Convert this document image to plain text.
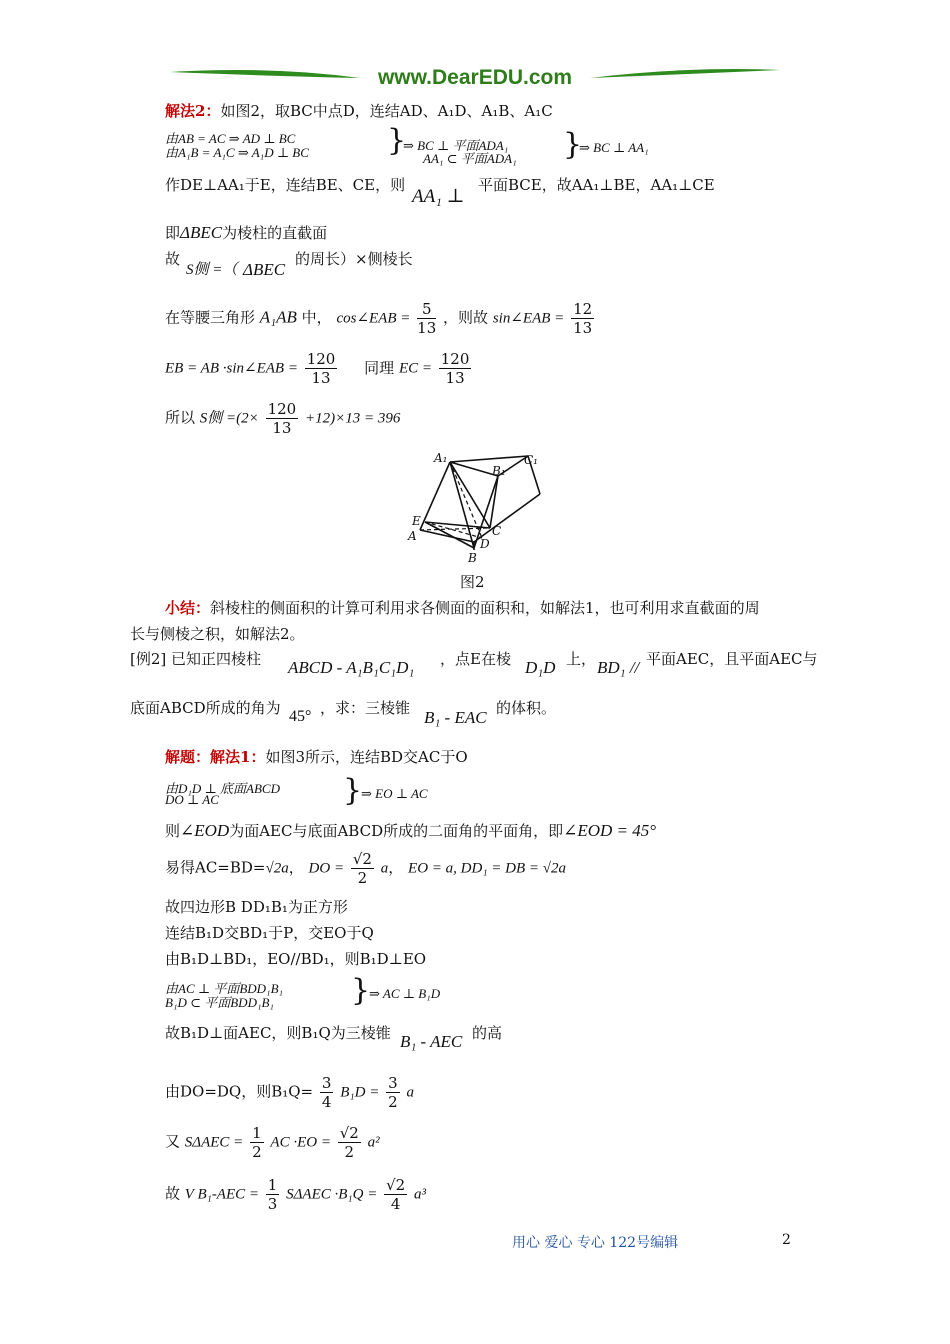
www.DearEDU.com
解法2：如图2，取BC中点D，连结AD、A₁D、A₁B、A₁C
由AB = AC ⇒ AD ⊥ BC
由A₁B = A₁C ⇒ A₁D ⊥ BC	}
⇒ BC ⊥ 平面ADA₁
AA₁ ⊂ 平面ADA₁ }
⇒ BC ⊥ AA₁
作DE⊥AA₁于E，连结BE、CE，则
AA₁ ⊥
平面BCE，故AA₁⊥BE，AA₁⊥CE
即ΔBEC为棱柱的直截面
故
S侧 =（ ΔBEC
的周长）×侧棱长
在等腰三角形 A₁AB 中， cos∠EAB = $\frac{5}{13}$ ，则故 sin∠EAB = $\frac{12}{13}$
EB = AB ·sin∠EAB = $\frac{120}{13}$ 同理 EC = $\frac{120}{13}$
所以 S侧 $=(2\times \frac{120}{13} +12)\times 13 = 396$
A₁
B₁
C₁
E
A	C
D
B
图2
小结：斜棱柱的侧面积的计算可利用求各侧面的面积和，如解法1，也可利用求直截面的周
长与侧棱之积，如解法2。
[例2] 已知正四棱柱 ABCD - A₁B₁C₁D₁ ，点E在棱 D₁D 上， BD₁ // 平面AEC，且平面AEC与
底面ABCD所成的角为 45° ，求：三棱锥 B₁ - EAC 的体积。
解题：解法1：如图3所示，连结BD交AC于O
由D₁D ⊥ 底面ABCD
DO ⊥ AC	}
⇒ EO ⊥ AC
则∠EOD为面AEC与底面ABCD所成的二面角的平面角，即∠EOD = 45°
易得AC=BD=√2a， DO = $\frac{√2}{2}$ a， EO = a, DD₁ = DB = √2a
故四边形B DD₁B₁为正方形
连结B₁D交BD₁于P，交EO于Q
由B₁D⊥BD₁，EO//BD₁，则B₁D⊥EO
由AC ⊥ 平面BDD₁B₁
B₁D ⊂ 平面BDD₁B₁	}
⇒ AC ⊥ B₁D
故B₁D⊥面AEC，则B₁Q为三棱锥 B₁ - AEC 的高
由DO=DQ，则$B_1Q= \frac{3}{4} B_1D = \frac{3}{2}$ a
又 $S\Delta AEC = \frac{1}{2}$ AC $\cdot EO = \frac{√2}{2} a^2$
故 V $B_1-AEC = \frac{1}{3}$ $S\Delta AEC \cdot B_1Q = \frac{√2}{4} a^3$
用心 爱心 专心 122号编辑	2
